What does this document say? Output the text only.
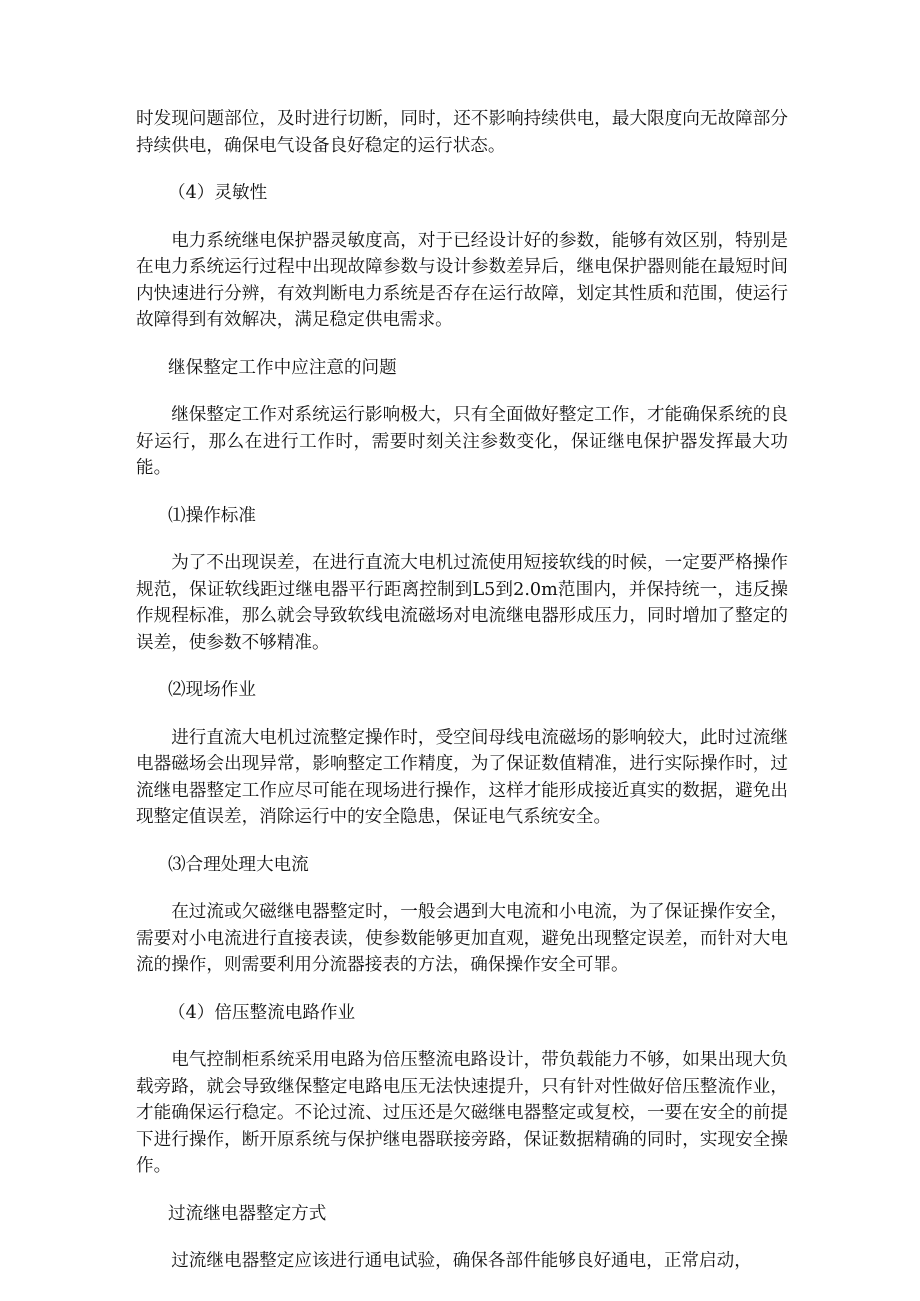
时发现问题部位，及时进行切断，同时，还不影响持续供电，最大限度向无故障部分持续供电，确保电气设备良好稳定的运行状态。

（4）灵敏性

电力系统继电保护器灵敏度高，对于已经设计好的参数，能够有效区别，特别是在电力系统运行过程中出现故障参数与设计参数差异后，继电保护器则能在最短时间内快速进行分辨，有效判断电力系统是否存在运行故障，划定其性质和范围，使运行故障得到有效解决，满足稳定供电需求。

继保整定工作中应注意的问题

继保整定工作对系统运行影响极大，只有全面做好整定工作，才能确保系统的良好运行，那么在进行工作时，需要时刻关注参数变化，保证继电保护器发挥最大功能。

⑴操作标准

为了不出现误差，在进行直流大电机过流使用短接软线的时候，一定要严格操作规范，保证软线距过继电器平行距离控制到L5到2.0m范围内，并保持统一，违反操作规程标准，那么就会导致软线电流磁场对电流继电器形成压力，同时增加了整定的误差，使参数不够精准。

⑵现场作业

进行直流大电机过流整定操作时，受空间母线电流磁场的影响较大，此时过流继电器磁场会出现异常，影响整定工作精度，为了保证数值精准，进行实际操作时，过流继电器整定工作应尽可能在现场进行操作，这样才能形成接近真实的数据，避免出现整定值误差，消除运行中的安全隐患，保证电气系统安全。

⑶合理处理大电流

在过流或欠磁继电器整定时，一般会遇到大电流和小电流，为了保证操作安全，需要对小电流进行直接表读，使参数能够更加直观，避免出现整定误差，而针对大电流的操作，则需要利用分流器接表的方法，确保操作安全可罪。

（4）倍压整流电路作业

电气控制柜系统采用电路为倍压整流电路设计，带负载能力不够，如果出现大负载旁路，就会导致继保整定电路电压无法快速提升，只有针对性做好倍压整流作业，才能确保运行稳定。不论过流、过压还是欠磁继电器整定或复校，一要在安全的前提下进行操作，断开原系统与保护继电器联接旁路，保证数据精确的同时，实现安全操作。

过流继电器整定方式

过流继电器整定应该进行通电试验，确保各部件能够良好通电，正常启动，
